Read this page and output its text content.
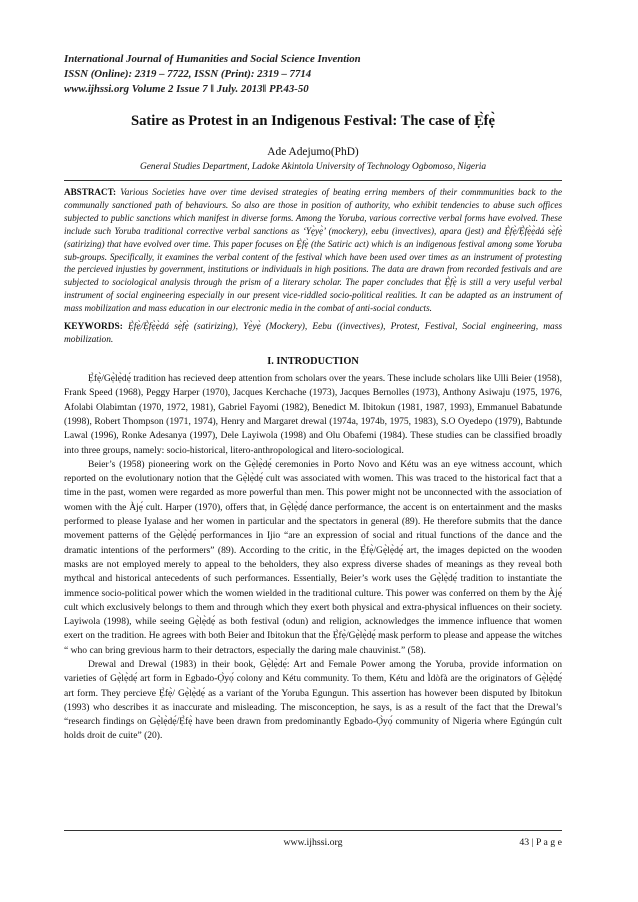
International Journal of Humanities and Social Science Invention
ISSN (Online): 2319 – 7722, ISSN (Print): 2319 – 7714
www.ijhssi.org Volume 2 Issue 7 ǁ July. 2013ǁ PP.43-50
Satire as Protest in an Indigenous Festival: The case of Ẹ̀fẹ̀
Ade Adejumo(PhD)
General Studies Department, Ladoke Akintola University of Technology Ogbomoso, Nigeria
ABSTRACT: Various Societies have over time devised strategies of beating erring members of their commmunities back to the communally sanctioned path of behaviours. So also are those in position of authority, who exhibit tendencies to abuse such offices subjected to public sanctions which manifest in diverse forms. Among the Yoruba, various corrective verbal forms have evolved. These include such Yoruba traditional corrective verbal sanctions as ‘Yẹ̀yẹ̀’ (mockery), eebu (invectives), apara (jest) and Ẹ̀fẹ̀/Ẹ̀fẹ̀ẹ̀dá sẹ̀fẹ̀ (satirizing) that have evolved over time. This paper focuses on Ẹ̀fẹ̀ (the Satiric act) which is an indigenous festival among some Yoruba sub-groups. Specifically, it examines the verbal content of the festival which have been used over times as an instrument of protesting the percieved injusties by government, institutions or individuals in high positions. The data are drawn from recorded festivals and are subjected to sociological analysis through the prism of a literary scholar. The paper concludes that Ẹ̀fẹ̀ is still a very useful verbal instrument of social engineering especially in our present vice-riddled socio-political realities. It can be adapted as an instrument of mass mobilization and mass education in our electronic media in the combat of anti-social conducts.
KEYWORDS: Ẹ̀fẹ̀/Ẹ̀fẹ̀ẹ̀dá sẹ̀fẹ̀ (satirizing), Yẹ̀yẹ̀ (Mockery), Eebu ((invectives), Protest, Festival, Social engineering, mass mobilization.
I. INTRODUCTION

Ẹ̀fẹ̀/Gẹ̀lẹ̀dẹ́ tradition has recieved deep attention from scholars over the years. These include scholars like Ulli Beier (1958), Frank Speed (1968), Peggy Harper (1970), Jacques Kerchache (1973), Jacques Bernolles (1973), Anthony Asiwaju (1975, 1976, Afolabi Olabimtan (1970, 1972, 1981), Gabriel Fayomi (1982), Benedict M. Ibitokun (1981, 1987, 1993), Emmanuel Babatunde (1998), Robert Thompson (1971, 1974), Henry and Margaret drewal (1974a, 1974b, 1975, 1983), S.O Oyedepo (1979), Babtunde Lawal (1996), Ronke Adesanya (1997), Dele Layiwola (1998) and Olu Obafemi (1984). These studies can be classified broadly into three groups, namely: socio-historical, litero-anthropological and litero-sociological.

Beier’s (1958) pioneering work on the Gẹ̀lẹ̀dẹ́ ceremonies in Porto Novo and Kétu was an eye witness account, which reported on the evolutionary notion that the Gẹ̀lẹ̀dẹ́ cult was associated with women. This was traced to the historical fact that a time in the past, women were regarded as more powerful than men. This power might not be unconnected with the association of women with the Àjẹ́ cult. Harper (1970), offers that, in Gẹ̀lẹ̀dẹ́ dance performance, the accent is on entertainment and the masks performed to please Iyalase and her women in particular and the spectators in general (89). He therefore submits that the dance movement patterns of the Gẹ̀lẹ̀dẹ́ performances in Ijio “are an expression of social and ritual functions of the dance and the dramatic intentions of the performers” (89). According to the critic, in the Ẹ̀fẹ̀/Gẹ̀lẹ̀dẹ́ art, the images depicted on the wooden masks are not employed merely to appeal to the beholders, they also express diverse shades of meanings as they reveal both mythcal and historical antecedents of such performances. Essentially, Beier’s work uses the Gẹ̀lẹ̀dẹ́ tradition to instantiate the immence socio-political power which the women wielded in the traditional culture. This power was conferred on them by the Àjẹ́ cult which exclusively belongs to them and through which they exert both physical and extra-physical influences on their society. Layiwola (1998), while seeing Gẹ̀lẹ̀dẹ́ as both festival (odun) and religion, acknowledges the immence influence that women exert on the tradition. He agrees with both Beier and Ibitokun that the Ẹ̀fẹ̀/Gẹ̀lẹ̀dẹ́ mask perform to please and appease the witches “ who can bring grevious harm to their detractors, especially the daring male chauvinist.” (58).

Drewal and Drewal (1983) in their book, Gẹ̀lẹ̀dẹ́: Art and Female Power among the Yoruba, provide information on varieties of Gẹ̀lẹ̀dẹ́ art form in Egbado-Ọ̀yọ́ colony and Kétu community. To them, Kétu and Ìdòfà are the originators of Gẹ̀lẹ̀dẹ́ art form. They percieve Ẹ̀fẹ̀/ Gẹ̀lẹ̀dẹ́ as a variant of the Yoruba Egungun. This assertion has however been disputed by Ibitokun (1993) who describes it as inaccurate and misleading. The misconception, he says, is as a result of the fact that the Drewal’s “research findings on Gẹ̀lẹ̀dẹ́/Ẹ̀fẹ̀ have been drawn from predominantly Egbado-Ọ̀yọ́ community of Nigeria where Egúngún cult holds droit de cuite” (20).

www.ijhssi.org	43 | P a g e
